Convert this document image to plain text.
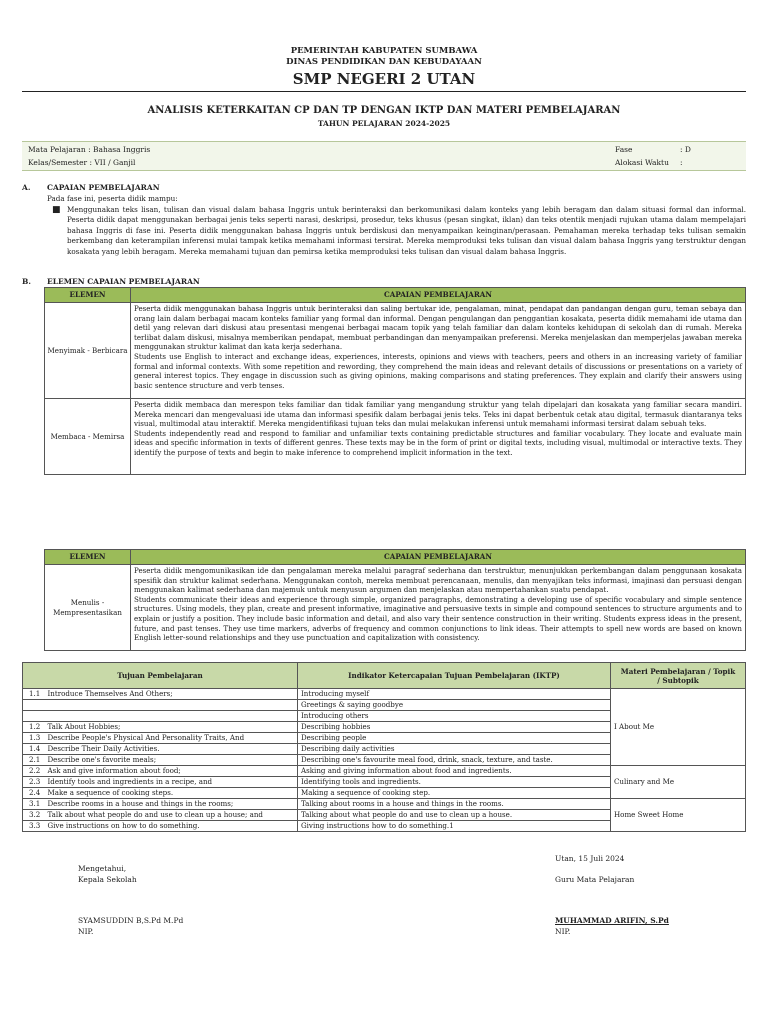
PEMERINTAH KABUPATEN SUMBAWA
DINAS PENDIDIKAN DAN KEBUDAYAAN
SMP NEGERI 2 UTAN
ANALISIS KETERKAITAN CP DAN TP DENGAN IKTP DAN MATERI PEMBELAJARAN
TAHUN PELAJARAN 2024-2025
Mata Pelajaran : Bahasa Inggris
Kelas/Semester : VII / Ganjil
Fase	: D
Alokasi Waktu :
A. CAPAIAN PEMBELAJARAN
Pada fase ini, peserta didik mampu:
■ Menggunakan teks lisan, tulisan dan visual dalam bahasa Inggris untuk berinteraksi dan berkomunikasi dalam konteks yang lebih beragam dan dalam situasi formal dan informal. Peserta didik dapat menggunakan berbagai jenis teks seperti narasi, deskripsi, prosedur, teks khusus (pesan singkat, iklan) dan teks otentik menjadi rujukan utama dalam mempelajari bahasa Inggris di fase ini. Peserta didik menggunakan bahasa Inggris untuk berdiskusi dan menyampaikan keinginan/perasaan. Pemahaman mereka terhadap teks tulisan semakin berkembang dan keterampilan inferensi mulai tampak ketika memahami informasi tersirat. Mereka memproduksi teks tulisan dan visual dalam bahasa Inggris yang terstruktur dengan kosakata yang lebih beragam. Mereka memahami tujuan dan pemirsa ketika memproduksi teks tulisan dan visual dalam bahasa Inggris.
B. ELEMEN CAPAIAN PEMBELAJARAN
ELEMEN	CAPAIAN PEMBELAJARAN
Menyimak - Berbicara	Peserta didik menggunakan bahasa Inggris untuk berinteraksi dan saling bertukar ide, pengalaman, minat, pendapat dan pandangan dengan guru, teman sebaya dan orang lain dalam berbagai macam konteks familiar yang formal dan informal. Dengan pengulangan dan penggantian kosakata, peserta didik memahami ide utama dan detil yang relevan dari diskusi atau presentasi mengenai berbagai macam topik yang telah familiar dan dalam konteks kehidupan di sekolah dan di rumah. Mereka terlibat dalam diskusi, misalnya memberikan pendapat, membuat perbandingan dan menyampaikan preferensi. Mereka menjelaskan dan memperjelas jawaban mereka menggunakan struktur kalimat dan kata kerja sederhana.
Students use English to interact and exchange ideas, experiences, interests, opinions and views with teachers, peers and others in an increasing variety of familiar formal and informal contexts. With some repetition and rewording, they comprehend the main ideas and relevant details of discussions or presentations on a variety of general interest topics. They engage in discussion such as giving opinions, making comparisons and stating preferences. They explain and clarify their answers using basic sentence structure and verb tenses.

Membaca - Memirsa	Peserta didik membaca dan merespon teks familiar dan tidak familiar yang mengandung struktur yang telah dipelajari dan kosakata yang familiar secara mandiri. Mereka mencari dan mengevaluasi ide utama dan informasi spesifik dalam berbagai jenis teks. Teks ini dapat berbentuk cetak atau digital, termasuk diantaranya teks visual, multimodal atau interaktif. Mereka mengidentifikasi tujuan teks dan mulai melakukan inferensi untuk memahami informasi tersirat dalam sebuah teks.
Students independently read and respond to familiar and unfamiliar texts containing predictable structures and familiar vocabulary. They locate and evaluate main ideas and specific information in texts of different genres. These texts may be in the form of print or digital texts, including visual, multimodal or interactive texts. They identify the purpose of texts and begin to make inference to comprehend implicit information in the text.
ELEMEN	CAPAIAN PEMBELAJARAN
Menulis - Mempresentasikan	Peserta didik mengomunikasikan ide dan pengalaman mereka melalui paragraf sederhana dan terstruktur, menunjukkan perkembangan dalam penggunaan kosakata spesifik dan struktur kalimat sederhana. Menggunakan contoh, mereka membuat perencanaan, menulis, dan menyajikan teks informasi, imajinasi dan persuasi dengan menggunakan kalimat sederhana dan majemuk untuk menyusun argumen dan menjelaskan atau mempertahankan suatu pendapat.
Students communicate their ideas and experience through simple, organized paragraphs, demonstrating a developing use of specific vocabulary and simple sentence structures. Using models, they plan, create and present informative, imaginative and persuasive texts in simple and compound sentences to structure arguments and to explain or justify a position. They include basic information and detail, and also vary their sentence construction in their writing. Students express ideas in the present, future, and past tenses. They use time markers, adverbs of frequency and common conjunctions to link ideas. Their attempts to spell new words are based on known English letter-sound relationships and they use punctuation and capitalization with consistency.
Tujuan Pembelajaran		Indikator Ketercapaian Tujuan Pembelajaran (IKTP)	Materi Pembelajaran / Topik / Subtopik
1.1	Introduce Themselves And Others;	Introducing myself	I About Me
		Greetings & saying goodbye	
		Introducing others	
1.2	Talk About Hobbies;	Describing hobbies	
1.3	Describe People's Physical And Personality Traits, And	Describing people	
1.4	Describe Their Daily Activities.	Describing daily activities	
2.1	Describe one's favorite meals;	Describing one's favourite meal food, drink, snack, texture, and taste.	
2.2	Ask and give information about food;	Asking and giving information about food and ingredients.	Culinary and Me
2.3	Identify tools and ingredients in a recipe, and	Identifying tools and ingredients.	
2.4	Make a sequence of cooking steps.	Making a sequence of cooking step.	
3.1	Describe rooms in a house and things in the rooms;	Talking about rooms in a house and things in the rooms.	Home Sweet Home
3.2	Talk about what people do and use to clean up a house; and	Talking about what people do and use to clean up a house.	
3.3	Give instructions on how to do something.	Giving instructions how to do something.1	
Utan, 15 Juli 2024
Mengetahui,
Kepala Sekolah	Guru Mata Pelajaran
SYAMSUDDIN B,S.Pd M.Pd
NIP.
MUHAMMAD ARIFIN, S.Pd
NIP.
